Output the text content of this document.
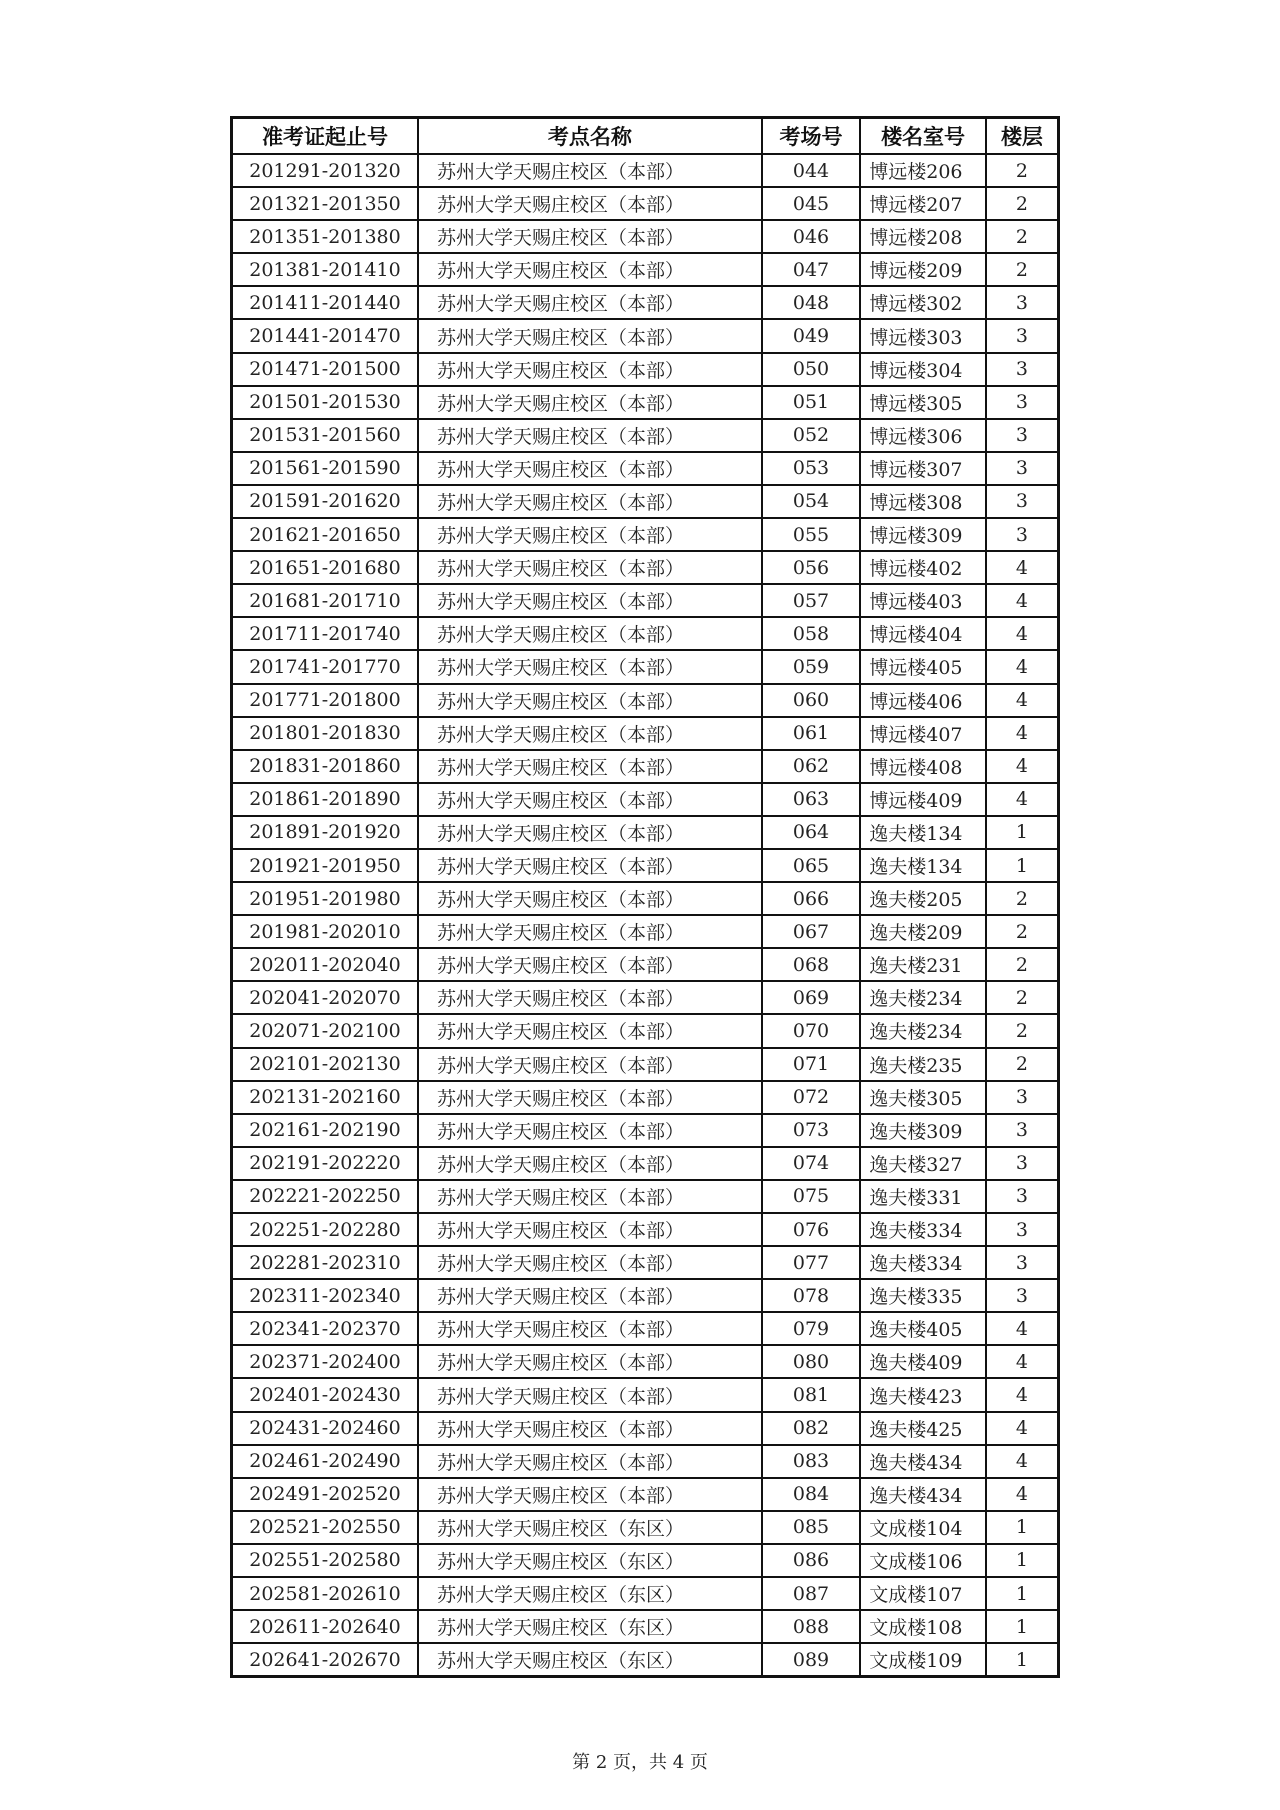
准考证起止号	考点名称	考场号	楼名室号	楼层
201291-201320	苏州大学天赐庄校区（本部）	044	博远楼206	2
201321-201350	苏州大学天赐庄校区（本部）	045	博远楼207	2
201351-201380	苏州大学天赐庄校区（本部）	046	博远楼208	2
201381-201410	苏州大学天赐庄校区（本部）	047	博远楼209	2
201411-201440	苏州大学天赐庄校区（本部）	048	博远楼302	3
201441-201470	苏州大学天赐庄校区（本部）	049	博远楼303	3
201471-201500	苏州大学天赐庄校区（本部）	050	博远楼304	3
201501-201530	苏州大学天赐庄校区（本部）	051	博远楼305	3
201531-201560	苏州大学天赐庄校区（本部）	052	博远楼306	3
201561-201590	苏州大学天赐庄校区（本部）	053	博远楼307	3
201591-201620	苏州大学天赐庄校区（本部）	054	博远楼308	3
201621-201650	苏州大学天赐庄校区（本部）	055	博远楼309	3
201651-201680	苏州大学天赐庄校区（本部）	056	博远楼402	4
201681-201710	苏州大学天赐庄校区（本部）	057	博远楼403	4
201711-201740	苏州大学天赐庄校区（本部）	058	博远楼404	4
201741-201770	苏州大学天赐庄校区（本部）	059	博远楼405	4
201771-201800	苏州大学天赐庄校区（本部）	060	博远楼406	4
201801-201830	苏州大学天赐庄校区（本部）	061	博远楼407	4
201831-201860	苏州大学天赐庄校区（本部）	062	博远楼408	4
201861-201890	苏州大学天赐庄校区（本部）	063	博远楼409	4
201891-201920	苏州大学天赐庄校区（本部）	064	逸夫楼134	1
201921-201950	苏州大学天赐庄校区（本部）	065	逸夫楼134	1
201951-201980	苏州大学天赐庄校区（本部）	066	逸夫楼205	2
201981-202010	苏州大学天赐庄校区（本部）	067	逸夫楼209	2
202011-202040	苏州大学天赐庄校区（本部）	068	逸夫楼231	2
202041-202070	苏州大学天赐庄校区（本部）	069	逸夫楼234	2
202071-202100	苏州大学天赐庄校区（本部）	070	逸夫楼234	2
202101-202130	苏州大学天赐庄校区（本部）	071	逸夫楼235	2
202131-202160	苏州大学天赐庄校区（本部）	072	逸夫楼305	3
202161-202190	苏州大学天赐庄校区（本部）	073	逸夫楼309	3
202191-202220	苏州大学天赐庄校区（本部）	074	逸夫楼327	3
202221-202250	苏州大学天赐庄校区（本部）	075	逸夫楼331	3
202251-202280	苏州大学天赐庄校区（本部）	076	逸夫楼334	3
202281-202310	苏州大学天赐庄校区（本部）	077	逸夫楼334	3
202311-202340	苏州大学天赐庄校区（本部）	078	逸夫楼335	3
202341-202370	苏州大学天赐庄校区（本部）	079	逸夫楼405	4
202371-202400	苏州大学天赐庄校区（本部）	080	逸夫楼409	4
202401-202430	苏州大学天赐庄校区（本部）	081	逸夫楼423	4
202431-202460	苏州大学天赐庄校区（本部）	082	逸夫楼425	4
202461-202490	苏州大学天赐庄校区（本部）	083	逸夫楼434	4
202491-202520	苏州大学天赐庄校区（本部）	084	逸夫楼434	4
202521-202550	苏州大学天赐庄校区（东区）	085	文成楼104	1
202551-202580	苏州大学天赐庄校区（东区）	086	文成楼106	1
202581-202610	苏州大学天赐庄校区（东区）	087	文成楼107	1
202611-202640	苏州大学天赐庄校区（东区）	088	文成楼108	1
202641-202670	苏州大学天赐庄校区（东区）	089	文成楼109	1
第 2 页，共 4 页
